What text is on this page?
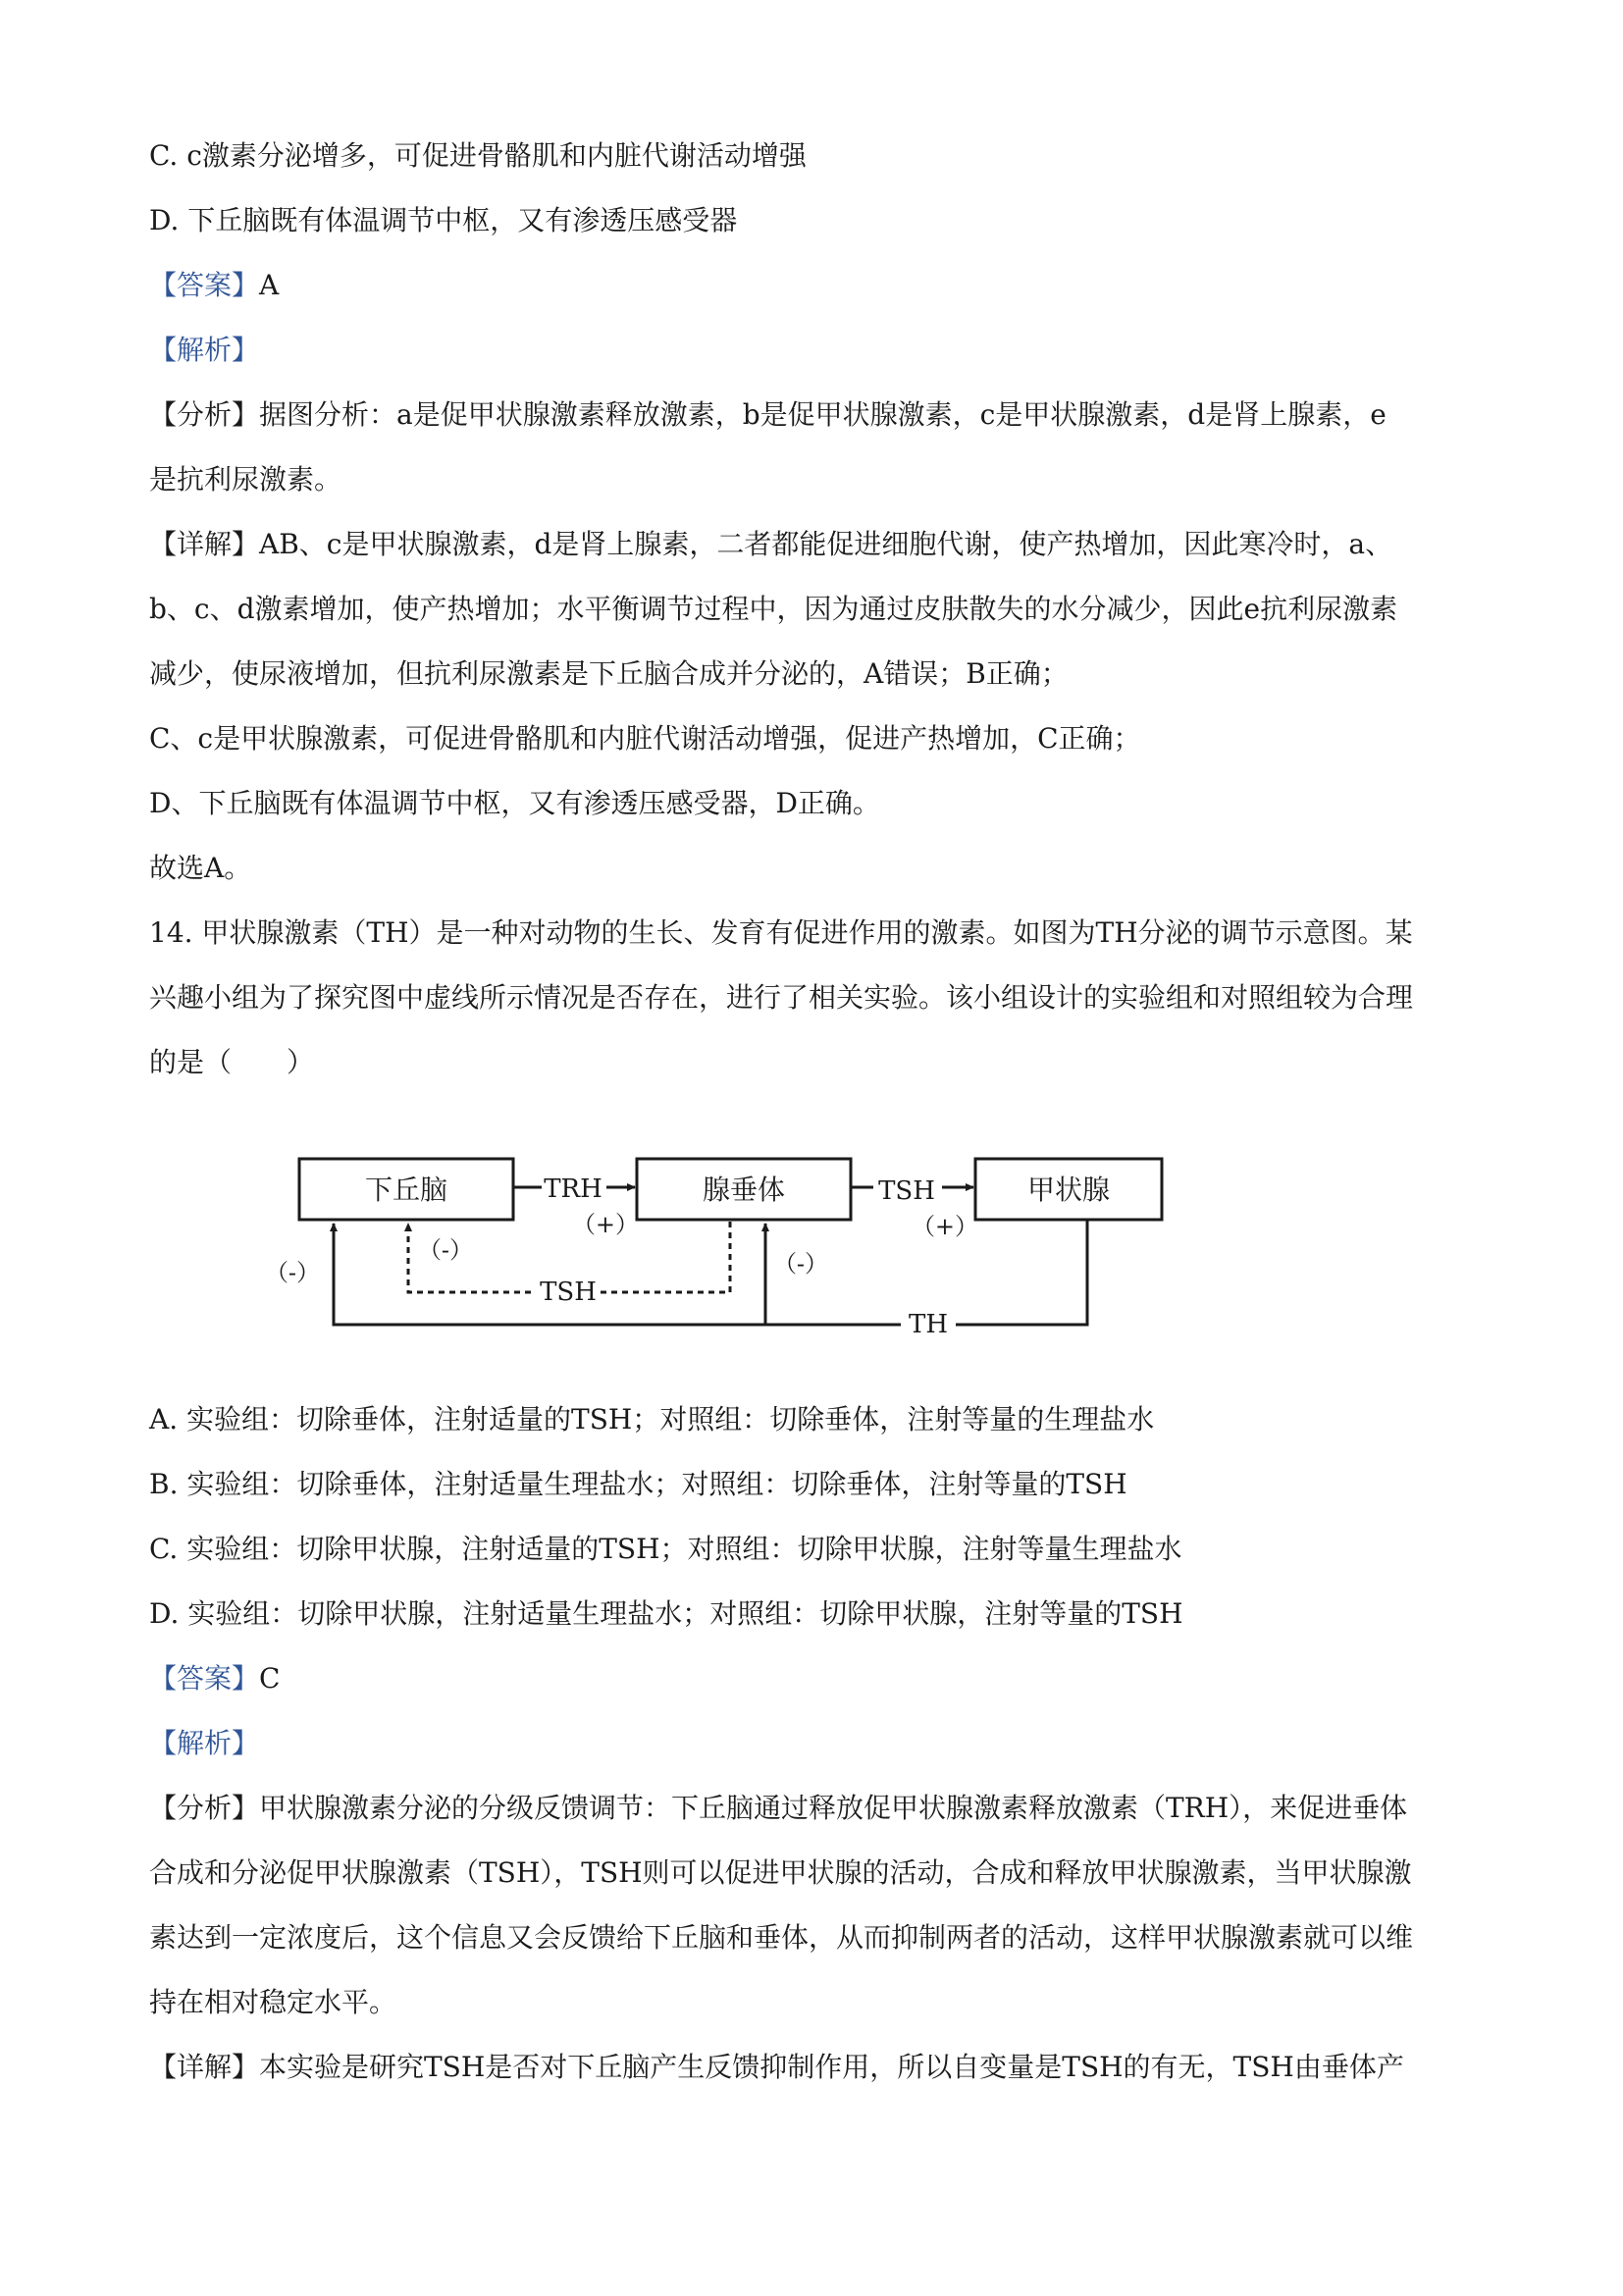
C. c激素分泌增多，可促进骨骼肌和内脏代谢活动增强
D. 下丘脑既有体温调节中枢，又有渗透压感受器
【答案】A
【解析】
【分析】据图分析：a是促甲状腺激素释放激素，b是促甲状腺激素，c是甲状腺激素，d是肾上腺素，e
是抗利尿激素。
【详解】AB、c是甲状腺激素，d是肾上腺素，二者都能促进细胞代谢，使产热增加，因此寒冷时，a、
b、c、d激素增加，使产热增加；水平衡调节过程中，因为通过皮肤散失的水分减少，因此e抗利尿激素
减少，使尿液增加，但抗利尿激素是下丘脑合成并分泌的，A错误；B正确；
C、c是甲状腺激素，可促进骨骼肌和内脏代谢活动增强，促进产热增加，C正确；
D、下丘脑既有体温调节中枢，又有渗透压感受器，D正确。
故选A。
14. 甲状腺激素（TH）是一种对动物的生长、发育有促进作用的激素。如图为TH分泌的调节示意图。某
兴趣小组为了探究图中虚线所示情况是否存在，进行了相关实验。该小组设计的实验组和对照组较为合理
的是（　　）
下丘脑	腺垂体	甲状腺
TRH
（+）
TSH
（+）
TH
（-）	（-）
TSH
（-）
A. 实验组：切除垂体，注射适量的TSH；对照组：切除垂体，注射等量的生理盐水
B. 实验组：切除垂体，注射适量生理盐水；对照组：切除垂体，注射等量的TSH
C. 实验组：切除甲状腺，注射适量的TSH；对照组：切除甲状腺，注射等量生理盐水
D. 实验组：切除甲状腺，注射适量生理盐水；对照组：切除甲状腺，注射等量的TSH
【答案】C
【解析】
【分析】甲状腺激素分泌的分级反馈调节：下丘脑通过释放促甲状腺激素释放激素（TRH），来促进垂体
合成和分泌促甲状腺激素（TSH），TSH则可以促进甲状腺的活动，合成和释放甲状腺激素，当甲状腺激
素达到一定浓度后，这个信息又会反馈给下丘脑和垂体，从而抑制两者的活动，这样甲状腺激素就可以维
持在相对稳定水平。
【详解】本实验是研究TSH是否对下丘脑产生反馈抑制作用，所以自变量是TSH的有无，TSH由垂体产
